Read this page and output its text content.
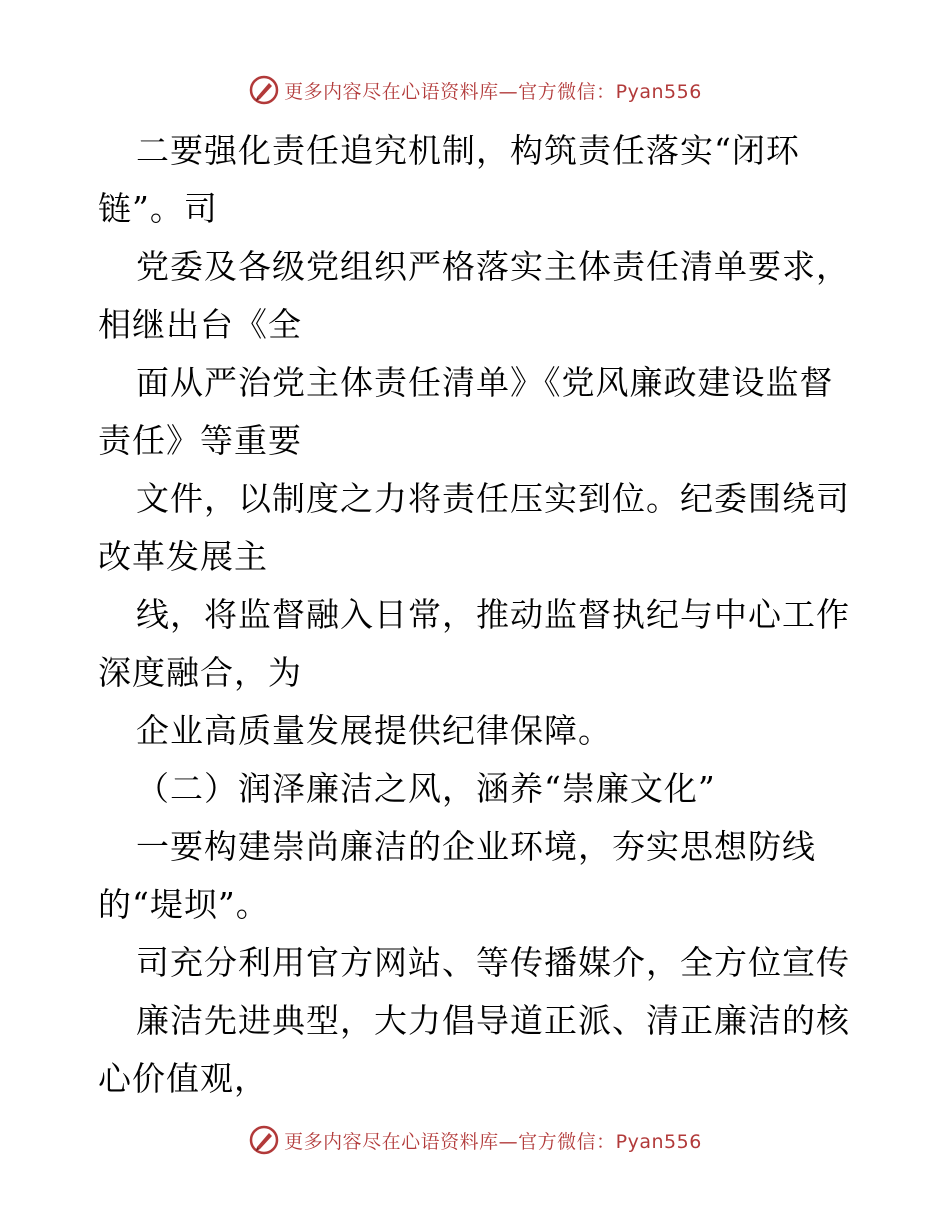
更多内容尽在心语资料库—官方微信：Pyan556
二要强化责任追究机制，构筑责任落实“闭环
链”。司
党委及各级党组织严格落实主体责任清单要求，
相继出台《全
面从严治党主体责任清单》《党风廉政建设监督
责任》等重要
文件，以制度之力将责任压实到位。纪委围绕司
改革发展主
线，将监督融入日常，推动监督执纪与中心工作
深度融合，为
企业高质量发展提供纪律保障。
（二）润泽廉洁之风，涵养“崇廉文化”
一要构建崇尚廉洁的企业环境，夯实思想防线
的“堤坝”。
司充分利用官方网站、等传播媒介，全方位宣传
廉洁先进典型，大力倡导道正派、清正廉洁的核
心价值观，
更多内容尽在心语资料库—官方微信：Pyan556
